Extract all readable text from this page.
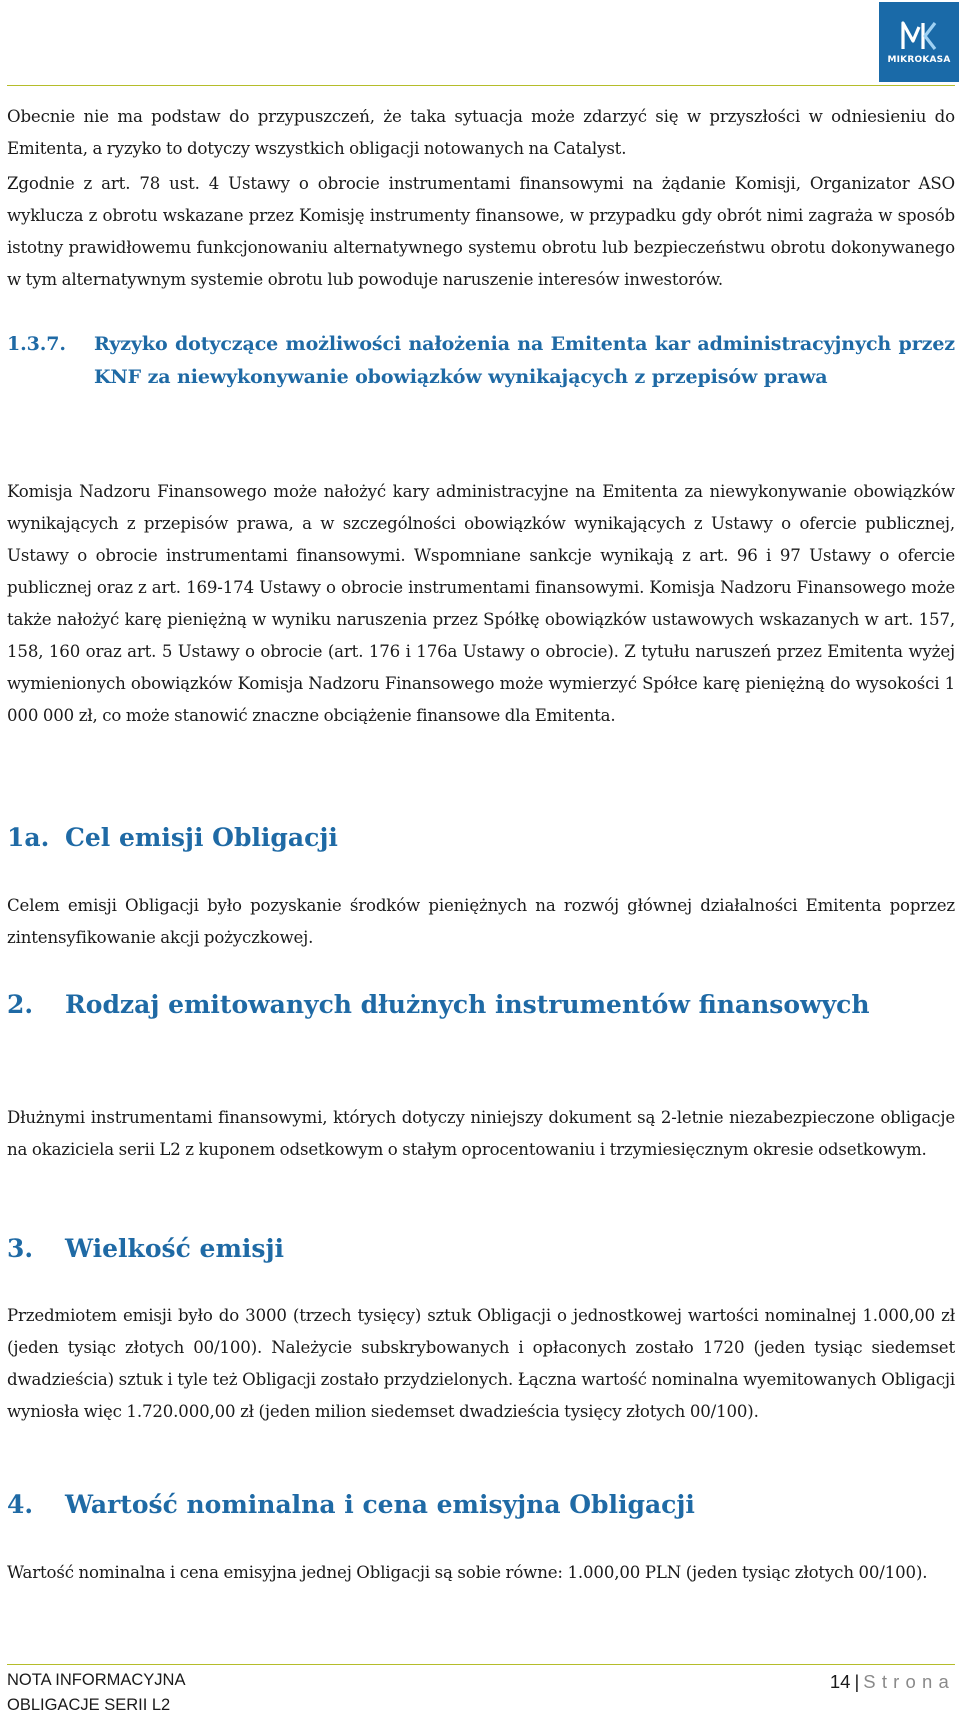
MIKROKASA

Obecnie nie ma podstaw do przypuszczeń, że taka sytuacja może zdarzyć się w przyszłości w odniesieniu do Emitenta, a ryzyko to dotyczy wszystkich obligacji notowanych na Catalyst.

Zgodnie z art. 78 ust. 4 Ustawy o obrocie instrumentami finansowymi na żądanie Komisji, Organizator ASO wyklucza z obrotu wskazane przez Komisję instrumenty finansowe, w przypadku gdy obrót nimi zagraża w sposób istotny prawidłowemu funkcjonowaniu alternatywnego systemu obrotu lub bezpieczeństwu obrotu dokonywanego w tym alternatywnym systemie obrotu lub powoduje naruszenie interesów inwestorów.

1.3.7. Ryzyko dotyczące możliwości nałożenia na Emitenta kar administracyjnych przez KNF za niewykonywanie obowiązków wynikających z przepisów prawa

Komisja Nadzoru Finansowego może nałożyć kary administracyjne na Emitenta za niewykonywanie obowiązków wynikających z przepisów prawa, a w szczególności obowiązków wynikających z Ustawy o ofercie publicznej, Ustawy o obrocie instrumentami finansowymi. Wspomniane sankcje wynikają z art. 96 i 97 Ustawy o ofercie publicznej oraz z art. 169-174 Ustawy o obrocie instrumentami finansowymi. Komisja Nadzoru Finansowego może także nałożyć karę pieniężną w wyniku naruszenia przez Spółkę obowiązków ustawowych wskazanych w art. 157, 158, 160 oraz art. 5 Ustawy o obrocie (art. 176 i 176a Ustawy o obrocie). Z tytułu naruszeń przez Emitenta wyżej wymienionych obowiązków Komisja Nadzoru Finansowego może wymierzyć Spółce karę pieniężną do wysokości 1 000 000 zł, co może stanowić znaczne obciążenie finansowe dla Emitenta.

1a. Cel emisji Obligacji

Celem emisji Obligacji było pozyskanie środków pieniężnych na rozwój głównej działalności Emitenta poprzez zintensyfikowanie akcji pożyczkowej.

2. Rodzaj emitowanych dłużnych instrumentów finansowych

Dłużnymi instrumentami finansowymi, których dotyczy niniejszy dokument są 2-letnie niezabezpieczone obligacje na okaziciela serii L2 z kuponem odsetkowym o stałym oprocentowaniu i trzymiesięcznym okresie odsetkowym.

3. Wielkość emisji

Przedmiotem emisji było do 3000 (trzech tysięcy) sztuk Obligacji o jednostkowej wartości nominalnej 1.000,00 zł (jeden tysiąc złotych 00/100). Należycie subskrybowanych i opłaconych zostało 1720 (jeden tysiąc siedemset dwadzieścia) sztuk i tyle też Obligacji zostało przydzielonych. Łączna wartość nominalna wyemitowanych Obligacji wyniosła więc 1.720.000,00 zł (jeden milion siedemset dwadzieścia tysięcy złotych 00/100).

4. Wartość nominalna i cena emisyjna Obligacji

Wartość nominalna i cena emisyjna jednej Obligacji są sobie równe: 1.000,00 PLN (jeden tysiąc złotych 00/100).

NOTA INFORMACYJNA
OBLIGACJE SERII L2
14 | Strona
